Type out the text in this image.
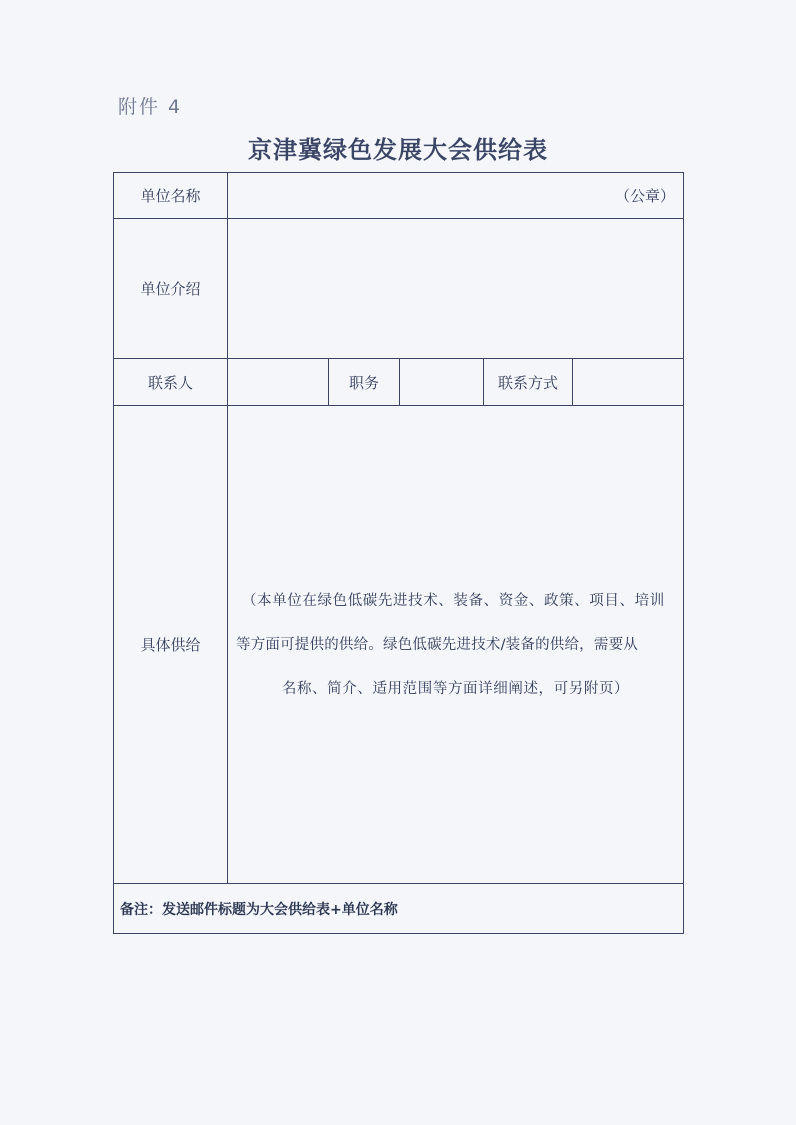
附件 4
京津冀绿色发展大会供给表
单位名称	（公章）
单位介绍
联系人	职务	联系方式
具体供给
（本单位在绿色低碳先进技术、装备、资金、政策、项目、培训
等方面可提供的供给。绿色低碳先进技术/装备的供给，需要从
名称、简介、适用范围等方面详细阐述，可另附页）
备注：发送邮件标题为大会供给表+单位名称
